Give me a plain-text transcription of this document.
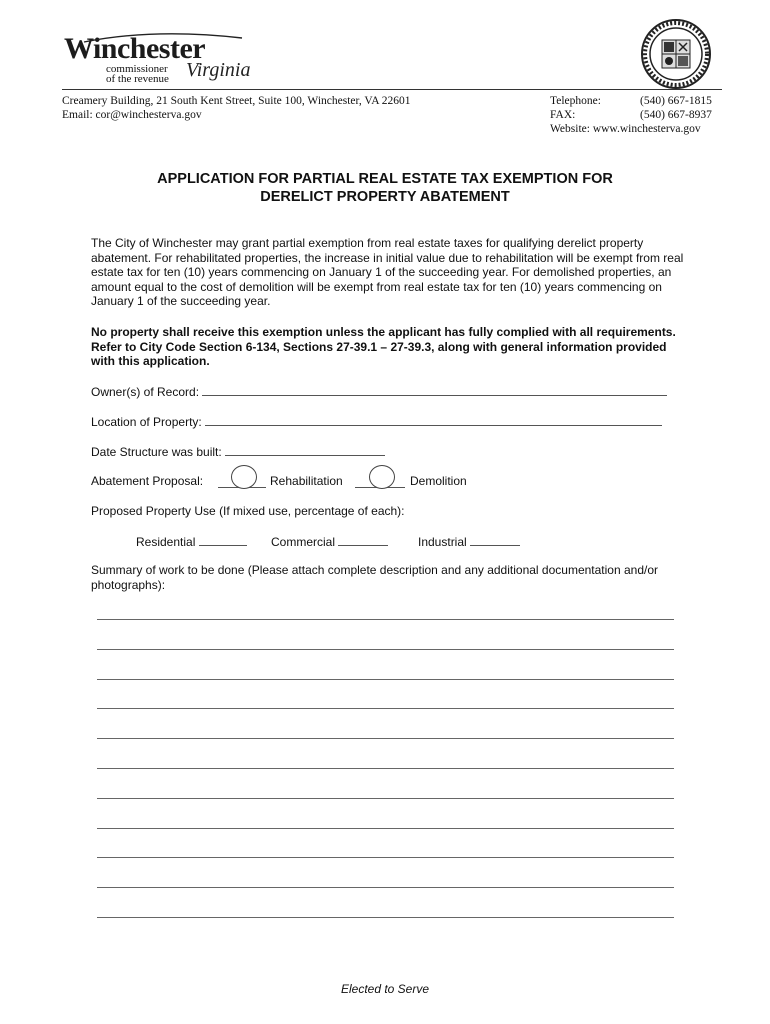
Winchester
commissioner
of the revenue Virginia
Creamery Building, 21 South Kent Street, Suite 100, Winchester, VA 22601
Email: cor@winchesterva.gov
Telephone:	(540) 667-1815
FAX:	(540) 667-8937
Website: www.winchesterva.gov
APPLICATION FOR PARTIAL REAL ESTATE TAX EXEMPTION FOR
DERELICT PROPERTY ABATEMENT
The City of Winchester may grant partial exemption from real estate taxes for qualifying derelict property abatement. For rehabilitated properties, the increase in initial value due to rehabilitation will be exempt from real estate tax for ten (10) years commencing on January 1 of the succeeding year. For demolished properties, an amount equal to the cost of demolition will be exempt from real estate tax for ten (10) years commencing on January 1 of the succeeding year.
No property shall receive this exemption unless the applicant has fully complied with all requirements. Refer to City Code Section 6-134, Sections 27-39.1 – 27-39.3, along with general information provided with this application.
Owner(s) of Record:
Location of Property:
Date Structure was built:
Abatement Proposal:	Rehabilitation	Demolition
Proposed Property Use (If mixed use, percentage of each):
Residential	Commercial	Industrial
Summary of work to be done (Please attach complete description and any additional documentation and/or photographs):
Elected to Serve
